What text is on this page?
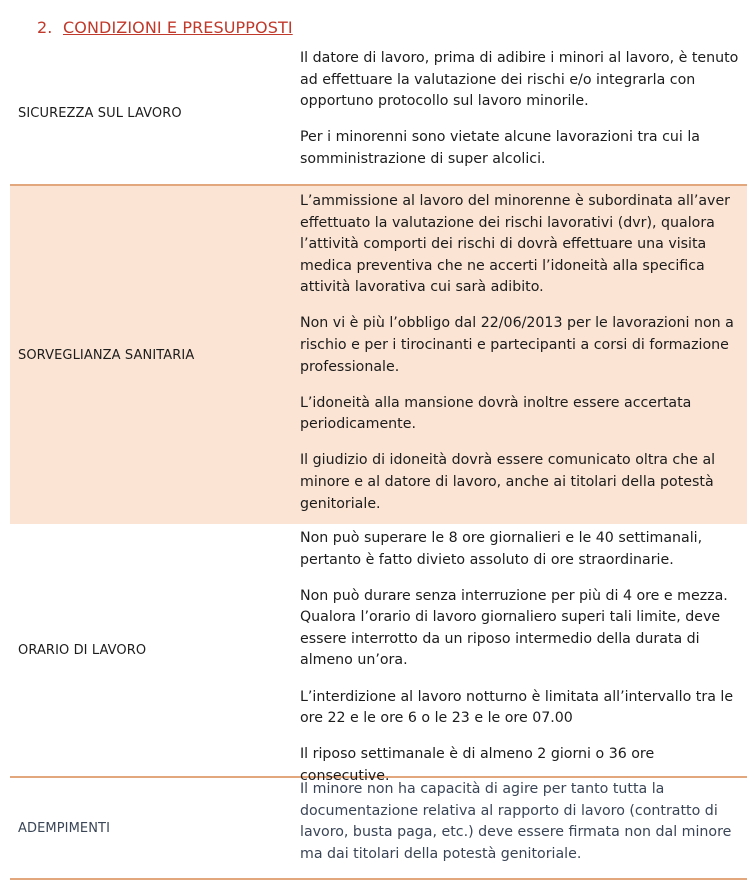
2. CONDIZIONI E PRESUPPOSTI
SICUREZZA SUL LAVORO

Il datore di lavoro, prima di adibire i minori al lavoro, è tenuto ad effettuare la valutazione dei rischi e/o integrarla con opportuno protocollo sul lavoro minorile.

Per i minorenni sono vietate alcune lavorazioni tra cui la somministrazione di super alcolici.

SORVEGLIANZA SANITARIA

L’ammissione al lavoro del minorenne è subordinata all’aver effettuato la valutazione dei rischi lavorativi (dvr), qualora l’attività comporti dei rischi di dovrà effettuare una visita medica preventiva che ne accerti l’idoneità alla specifica attività lavorativa cui sarà adibito.

Non vi è più l’obbligo dal 22/06/2013 per le lavorazioni non a rischio e per i tirocinanti e partecipanti a corsi di formazione professionale.

L’idoneità alla mansione dovrà inoltre essere accertata periodicamente.

Il giudizio di idoneità dovrà essere comunicato oltra che al minore e al datore di lavoro, anche ai titolari della potestà genitoriale.

ORARIO DI LAVORO

Non può superare le 8 ore giornalieri e le 40 settimanali, pertanto è fatto divieto assoluto di ore straordinarie.

Non può durare senza interruzione per più di 4 ore e mezza. Qualora l’orario di lavoro giornaliero superi tali limite, deve essere interrotto da un riposo intermedio della durata di almeno un’ora.

L’interdizione al lavoro notturno è limitata all’intervallo tra le ore 22 e le ore 6 o le 23 e le ore 07.00

Il riposo settimanale è di almeno 2 giorni o 36 ore consecutive.

ADEMPIMENTI

Il minore non ha capacità di agire per tanto tutta la documentazione relativa al rapporto di lavoro (contratto di lavoro, busta paga, etc.) deve essere firmata non dal minore ma dai titolari della potestà genitoriale.
